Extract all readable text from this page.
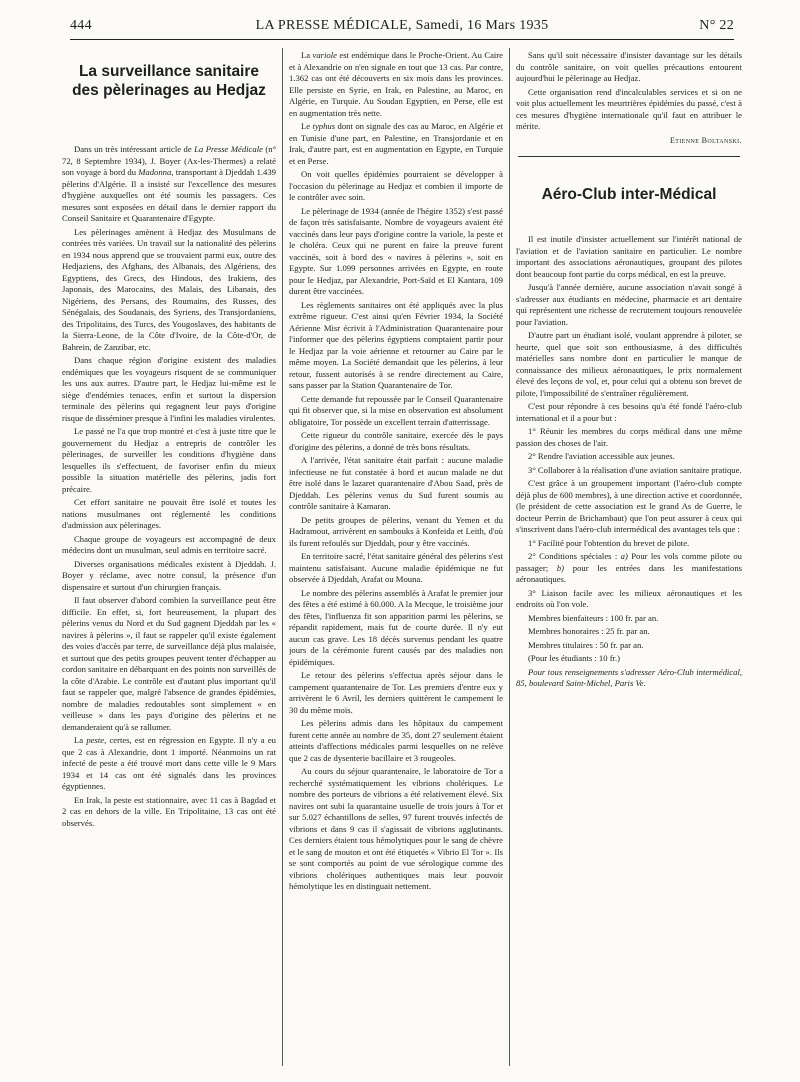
444	LA PRESSE MÉDICALE, Samedi, 16 Mars 1935	N° 22
La surveillance sanitaire
des pèlerinages au Hedjaz

Dans un très intéressant article de La Presse Médicale (n° 72, 8 Septembre 1934), J. Boyer (Ax-les-Thermes) a relaté son voyage à bord du Madonna, transportant à Djeddah 1.439 pèlerins d'Algérie. Il a insisté sur l'excellence des mesures d'hygiène auxquelles ont été soumis les passagers. Ces mesures sont exposées en détail dans le dernier rapport du Conseil Sanitaire et Quarantenaire d'Egypte.

Les pèlerinages amènent à Hedjaz des Musulmans de contrées très variées. Un travail sur la nationalité des pèlerins en 1934 nous apprend que se trouvaient parmi eux, outre des Hedjaziens, des Afghans, des Albanais, des Algériens, des Egyptiens, des Grecs, des Hindous, des Irakiens, des Japonais, des Marocains, des Malais, des Libanais, des Nigériens, des Persans, des Roumains, des Russes, des Sénégalais, des Soudanais, des Syriens, des Transjordaniens, des Tripolitains, des Turcs, des Yougoslaves, des habitants de la Sierra-Leone, de la Côte d'Ivoire, de la Côte-d'Or, de Bahrein, de Zanzibar, etc.

Dans chaque région d'origine existent des maladies endémiques que les voyageurs risquent de se communiquer les uns aux autres. D'autre part, le Hedjaz lui-même est le siège d'endémies tenaces, enfin et surtout la dispersion terminale des pèlerins qui regagnent leur pays d'origine risque de disséminer presque à l'infini les maladies virulentes.

Le passé ne l'a que trop montré et c'est à juste titre que le gouvernement du Hedjaz a entrepris de contrôler les pèlerinages, de surveiller les conditions d'hygiène dans lesquelles ils s'effectuent, de favoriser enfin du mieux possible la situation matérielle des pèlerins, jadis fort précaire.

Cet effort sanitaire ne pouvait être isolé et toutes les nations musulmanes ont réglementé les conditions d'admission aux pèlerinages.

Chaque groupe de voyageurs est accompagné de deux médecins dont un musulman, seul admis en territoire sacré.

Diverses organisations médicales existent à Djeddah. J. Boyer y réclame, avec notre consul, la présence d'un dispensaire et surtout d'un chirurgien français.

Il faut observer d'abord combien la surveillance peut être difficile. En effet, si, fort heureusement, la plupart des pèlerins venus du Nord et du Sud gagnent Djeddah par les « navires à pèlerins », il faut se rappeler qu'il existe également des voies d'accès par terre, de surveillance déjà plus malaisée, et surtout que des petits groupes peuvent tenter d'échapper au cordon sanitaire en débarquant en des points non surveillés de la côte d'Arabie. Le contrôle est d'autant plus important qu'il faut se rappeler que, malgré l'absence de grandes épidémies, nombre de maladies redoutables sont simplement « en veilleuse » dans les pays d'origine des pèlerins et ne demanderaient qu'à se rallumer.

La peste, certes, est en régression en Egypte. Il n'y a eu que 2 cas à Alexandrie, dont 1 importé. Néanmoins un rat infecté de peste a été trouvé mort dans cette ville le 9 Mars 1934 et 14 cas ont été signalés dans les provinces égyptiennes.

En Irak, la peste est stationnaire, avec 11 cas à Bagdad et 2 cas en dehors de la ville. En Tripolitaine, 13 cas ont été observés.

La variole est endémique dans le Proche-Orient. Au Caire et à Alexandrie on n'en signale en tout que 13 cas. Par contre, 1.362 cas ont été découverts en six mois dans les provinces. Elle persiste en Syrie, en Irak, en Palestine, au Maroc, en Algérie, en Turquie. Au Soudan Egyptien, en Perse, elle est en augmentation très nette.

Le typhus dont on signale des cas au Maroc, en Algérie et en Tunisie d'une part, en Palestine, en Transjordanie et en Irak, d'autre part, est en augmentation en Egypte, en Turquie et en Perse.

On voit quelles épidémies pourraient se développer à l'occasion du pèlerinage au Hedjaz et combien il importe de le contrôler avec soin.

Le pèlerinage de 1934 (année de l'hégire 1352) s'est passé de façon très satisfaisante. Nombre de voyageurs avaient été vaccinés dans leur pays d'origine contre la variole, la peste et le choléra. Ceux qui ne purent en faire la preuve furent vaccinés, soit à bord des « navires à pèlerins », soit en Egypte. Sur 1.099 personnes arrivées en Egypte, en route pour le Hedjaz, par Alexandrie, Port-Saïd et El Kantara, 109 durent être vaccinées.

Les règlements sanitaires ont été appliqués avec la plus extrême rigueur. C'est ainsi qu'en Février 1934, la Société Aérienne Misr écrivit à l'Administration Quarantenaire pour l'informer que des pèlerins égyptiens comptaient partir pour le Hedjaz par la voie aérienne et retourner au Caire par le même moyen. La Société demandait que les pèlerins, à leur retour, fussent autorisés à se rendre directement au Caire, sans passer par la Station Quarantenaire de Tor.

Cette demande fut repoussée par le Conseil Quarantenaire qui fit observer que, si la mise en observation est absolument obligatoire, Tor possède un excellent terrain d'atterrissage.

Cette rigueur du contrôle sanitaire, exercée dès le pays d'origine des pèlerins, a donné de très bons résultats.

A l'arrivée, l'état sanitaire était parfait : aucune maladie infectieuse ne fut constatée à bord et aucun malade ne dut être isolé dans le lazaret quarantenaire d'Abou Saad, près de Djeddah. Les pèlerins venus du Sud furent soumis au contrôle sanitaire à Kamaran.

De petits groupes de pèlerins, venant du Yemen et du Hadramout, arrivèrent en sambouks à Konfeida et Leith, d'où ils furent refoulés sur Djeddah, pour y être vaccinés.

En territoire sacré, l'état sanitaire général des pèlerins s'est maintenu satisfaisant. Aucune maladie épidémique ne fut observée à Djeddah, Arafat ou Mouna.

Le nombre des pèlerins assemblés à Arafat le premier jour des fêtes a été estimé à 60.000. A la Mecque, le troisième jour des fêtes, l'influenza fit son apparition parmi les pèlerins, se répandit rapidement, mais fut de courte durée. Il n'y eut aucun cas grave. Les 18 décès survenus pendant les quatre jours de la cérémonie furent causés par des maladies non épidémiques.

Le retour des pèlerins s'effectua après séjour dans le campement quarantenaire de Tor. Les premiers d'entre eux y arrivèrent le 6 Avril, les derniers quittèrent le campement le 30 du même mois.

Les pèlerins admis dans les hôpitaux du campement furent cette année au nombre de 35, dont 27 seulement étaient atteints d'affections médicales parmi lesquelles on ne relève que 2 cas de dysenterie bacillaire et 3 rougeoles.

Au cours du séjour quarantenaire, le laboratoire de Tor a recherché systématiquement les vibrions cholériques. Le nombre des porteurs de vibrions a été relativement élevé. Six navires ont subi la quarantaine usuelle de trois jours à Tor et sur 5.027 échantillons de selles, 97 furent trouvés infectés de vibrions et dans 9 cas il s'agissait de vibrions agglutinants. Ces derniers étaient tous hémolytiques pour le sang de chèvre et le sang de mouton et ont été étiquetés « Vibrio El Tor ». Ils se sont comportés au point de vue sérologique comme des vibrions cholériques authentiques mais leur pouvoir hémolytique les en distinguait nettement.

Sans qu'il soit nécessaire d'insister davantage sur les détails du contrôle sanitaire, on voit quelles précautions entourent aujourd'hui le pèlerinage au Hedjaz.

Cette organisation rend d'incalculables services et si on ne voit plus actuellement les meurtrières épidémies du passé, c'est à ces mesures d'hygiène internationale qu'il faut en attribuer le mérite.

Etienne Boltanski.

Aéro-Club inter-Médical

Il est inutile d'insister actuellement sur l'intérêt national de l'aviation et de l'aviation sanitaire en particulier. Le nombre important des associations aéronautiques, groupant des pilotes dont beaucoup font partie du corps médical, en est la preuve.

Jusqu'à l'année dernière, aucune association n'avait songé à s'adresser aux étudiants en médecine, pharmacie et art dentaire qui représentent une richesse de recrutement toujours renouvelée pour l'aviation.

D'autre part un étudiant isolé, voulant apprendre à piloter, se heurte, quel que soit son enthousiasme, à des difficultés matérielles sans nombre dont en particulier le manque de connaissance des milieux aéronautiques, le prix normalement élevé des leçons de vol, et, pour celui qui a obtenu son brevet de pilote, l'impossibilité de s'entraîner régulièrement.

C'est pour répondre à ces besoins qu'a été fondé l'aéro-club international et il a pour but :

1° Réunir les membres du corps médical dans une même passion des choses de l'air.

2° Rendre l'aviation accessible aux jeunes.

3° Collaborer à la réalisation d'une aviation sanitaire pratique.

C'est grâce à un groupement important (l'aéro-club compte déjà plus de 600 membres), à une direction active et coordonnée, (le président de cette association est le grand As de Guerre, le docteur Perrin de Brichambaut) que l'on peut assurer à ceux qui s'inscrivent dans l'aéro-club intermédical des avantages tels que :

1° Facilité pour l'obtention du brevet de pilote.

2° Conditions spéciales : a) Pour les vols comme pilote ou passager; b) pour les entrées dans les manifestations aéronautiques.

3° Liaison facile avec les milieux aéronautiques et les endroits où l'on vole.

Membres bienfaiteurs : 100 fr. par an.

Membres honoraires : 25 fr. par an.

Membres titulaires : 50 fr. par an.

(Pour les étudiants : 10 fr.)

Pour tous renseignements s'adresser Aéro-Club intermédical, 85, boulevard Saint-Michel, Paris Ve.
